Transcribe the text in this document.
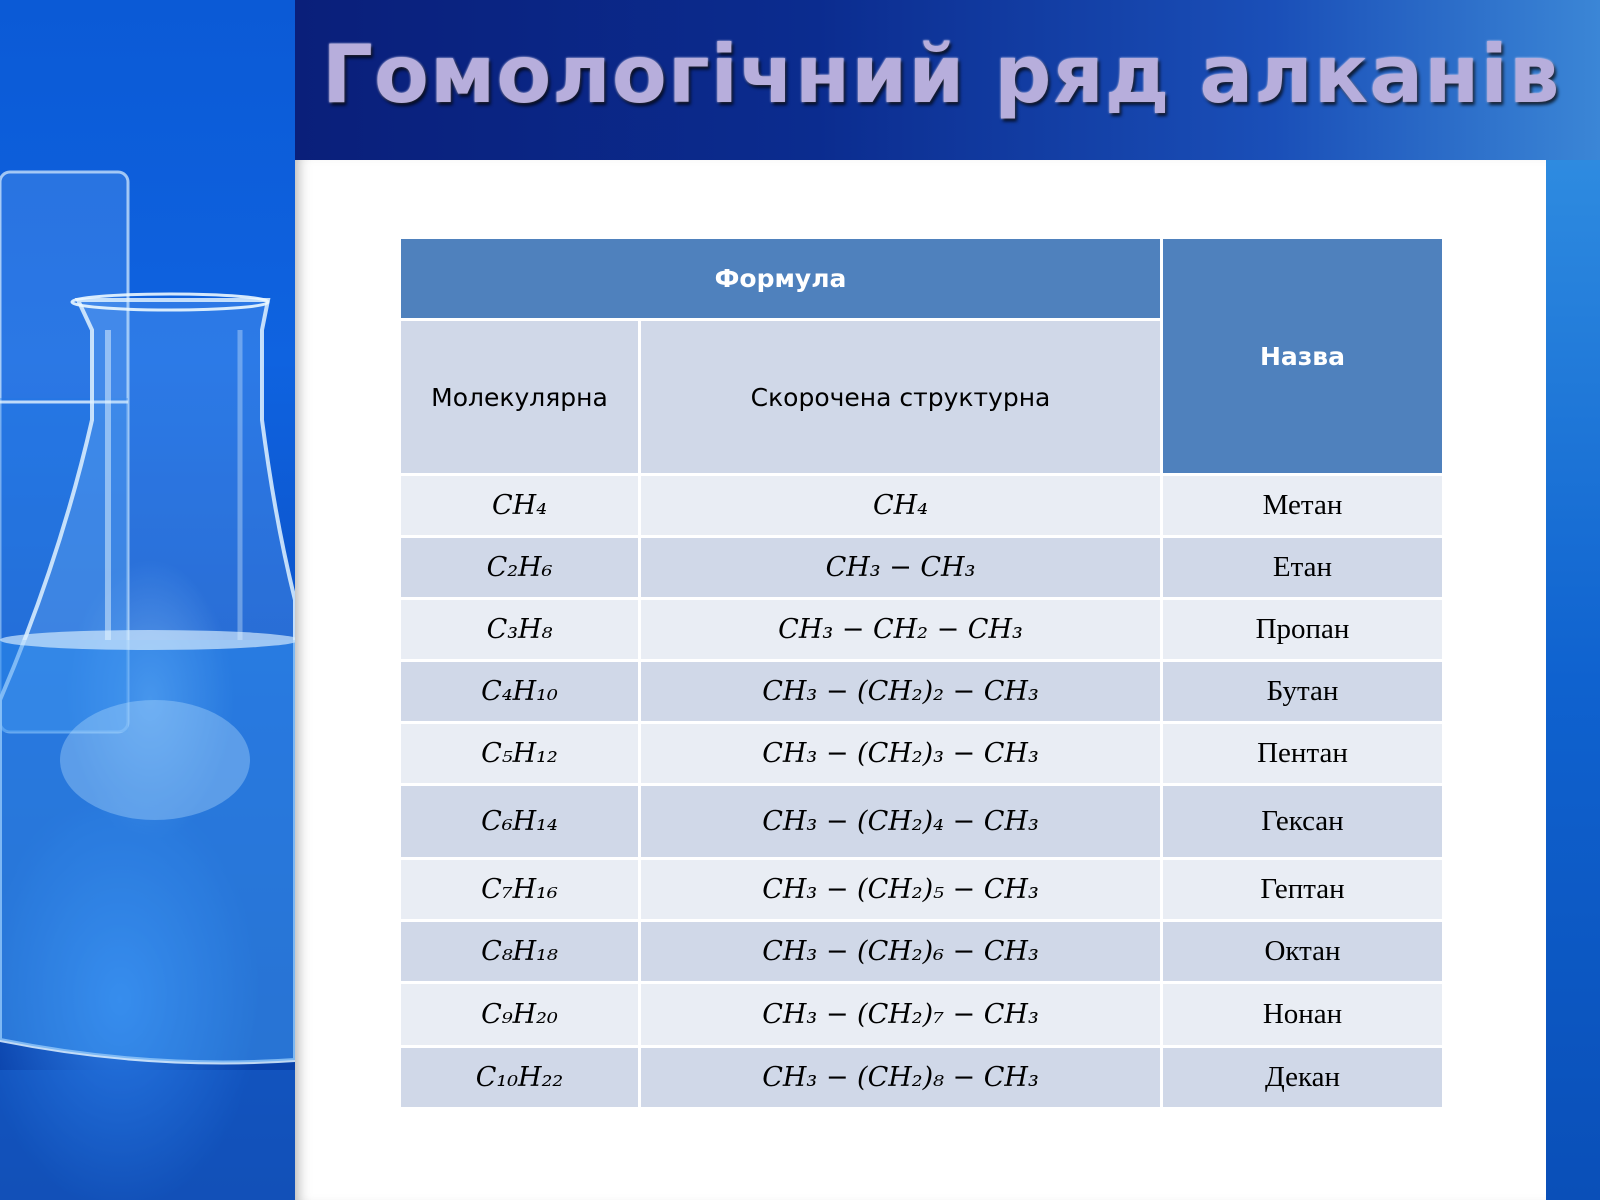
Гомологічний ряд алканів
Формула		Назва
Молекулярна	Скорочена структурна	
CH₄	CH₄	Метан
C₂H₆	CH₃ − CH₃	Етан
C₃H₈	CH₃ − CH₂ − CH₃	Пропан
C₄H₁₀	CH₃ − (CH₂)₂ − CH₃	Бутан
C₅H₁₂	CH₃ − (CH₂)₃ − CH₃	Пентан
C₆H₁₄	CH₃ − (CH₂)₄ − CH₃	Гексан
C₇H₁₆	CH₃ − (CH₂)₅ − CH₃	Гептан
C₈H₁₈	CH₃ − (CH₂)₆ − CH₃	Октан
C₉H₂₀	CH₃ − (CH₂)₇ − CH₃	Нонан
C₁₀H₂₂	CH₃ − (CH₂)₈ − CH₃	Декан
